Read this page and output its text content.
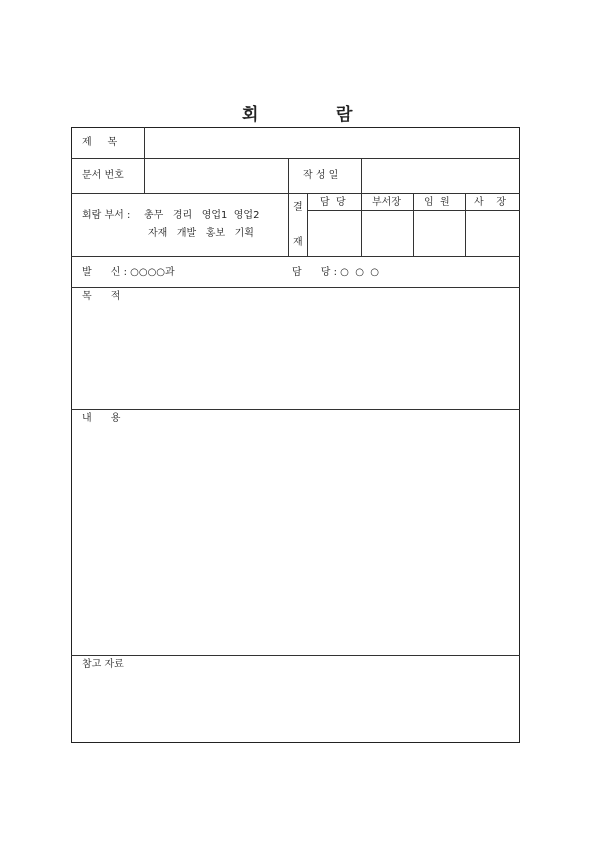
회	람
제     목
문서 번호	작 성 일
회람 부서 : 총무   경리   영업1  영업2
자재   개발   홍보   기획
결
재
담  당	부서장 임  원 사    장
발      신 : ○○○○과	담      당 : ○  ○  ○
목      적
내      용
참고 자료
